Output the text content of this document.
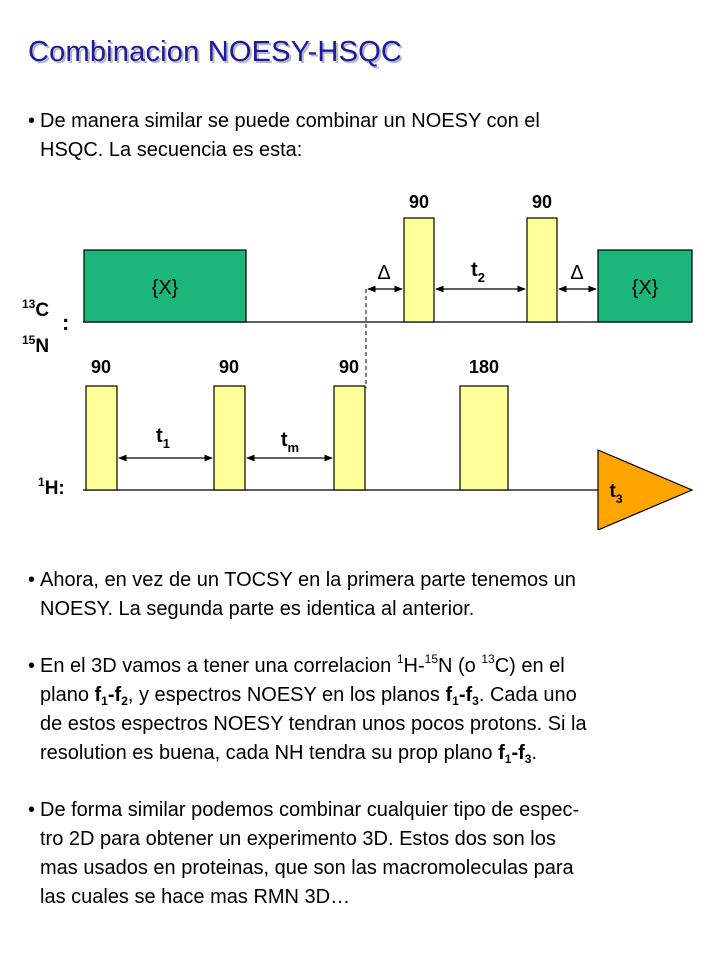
Combinacion NOESY-HSQC
• De manera similar se puede combinar un NOESY con el
HSQC. La secuencia es esta:
{X}	{X}
90	90
Δ	Δ
$t_2$
$^{13}$C :
$^{15}$N
$^1$H:
90	90	90	180
$t_1$	$t_m$
$t_3$
• Ahora, en vez de un TOCSY en la primera parte tenemos un
NOESY. La segunda parte es identica al anterior.
• En el 3D vamos a tener una correlacion $^1$H-$^{15}$N (o $^{13}$C) en el
plano $f_1-f_2$, y espectros NOESY en los planos $f_1-f_3$. Cada uno
de estos espectros NOESY tendran unos pocos protons. Si la
resolution es buena, cada NH tendra su prop plano $f_1-f_3$.
• De forma similar podemos combinar cualquier tipo de espec-
tro 2D para obtener un experimento 3D. Estos dos son los
mas usados en proteinas, que son las macromoleculas para
las cuales se hace mas RMN 3D…
